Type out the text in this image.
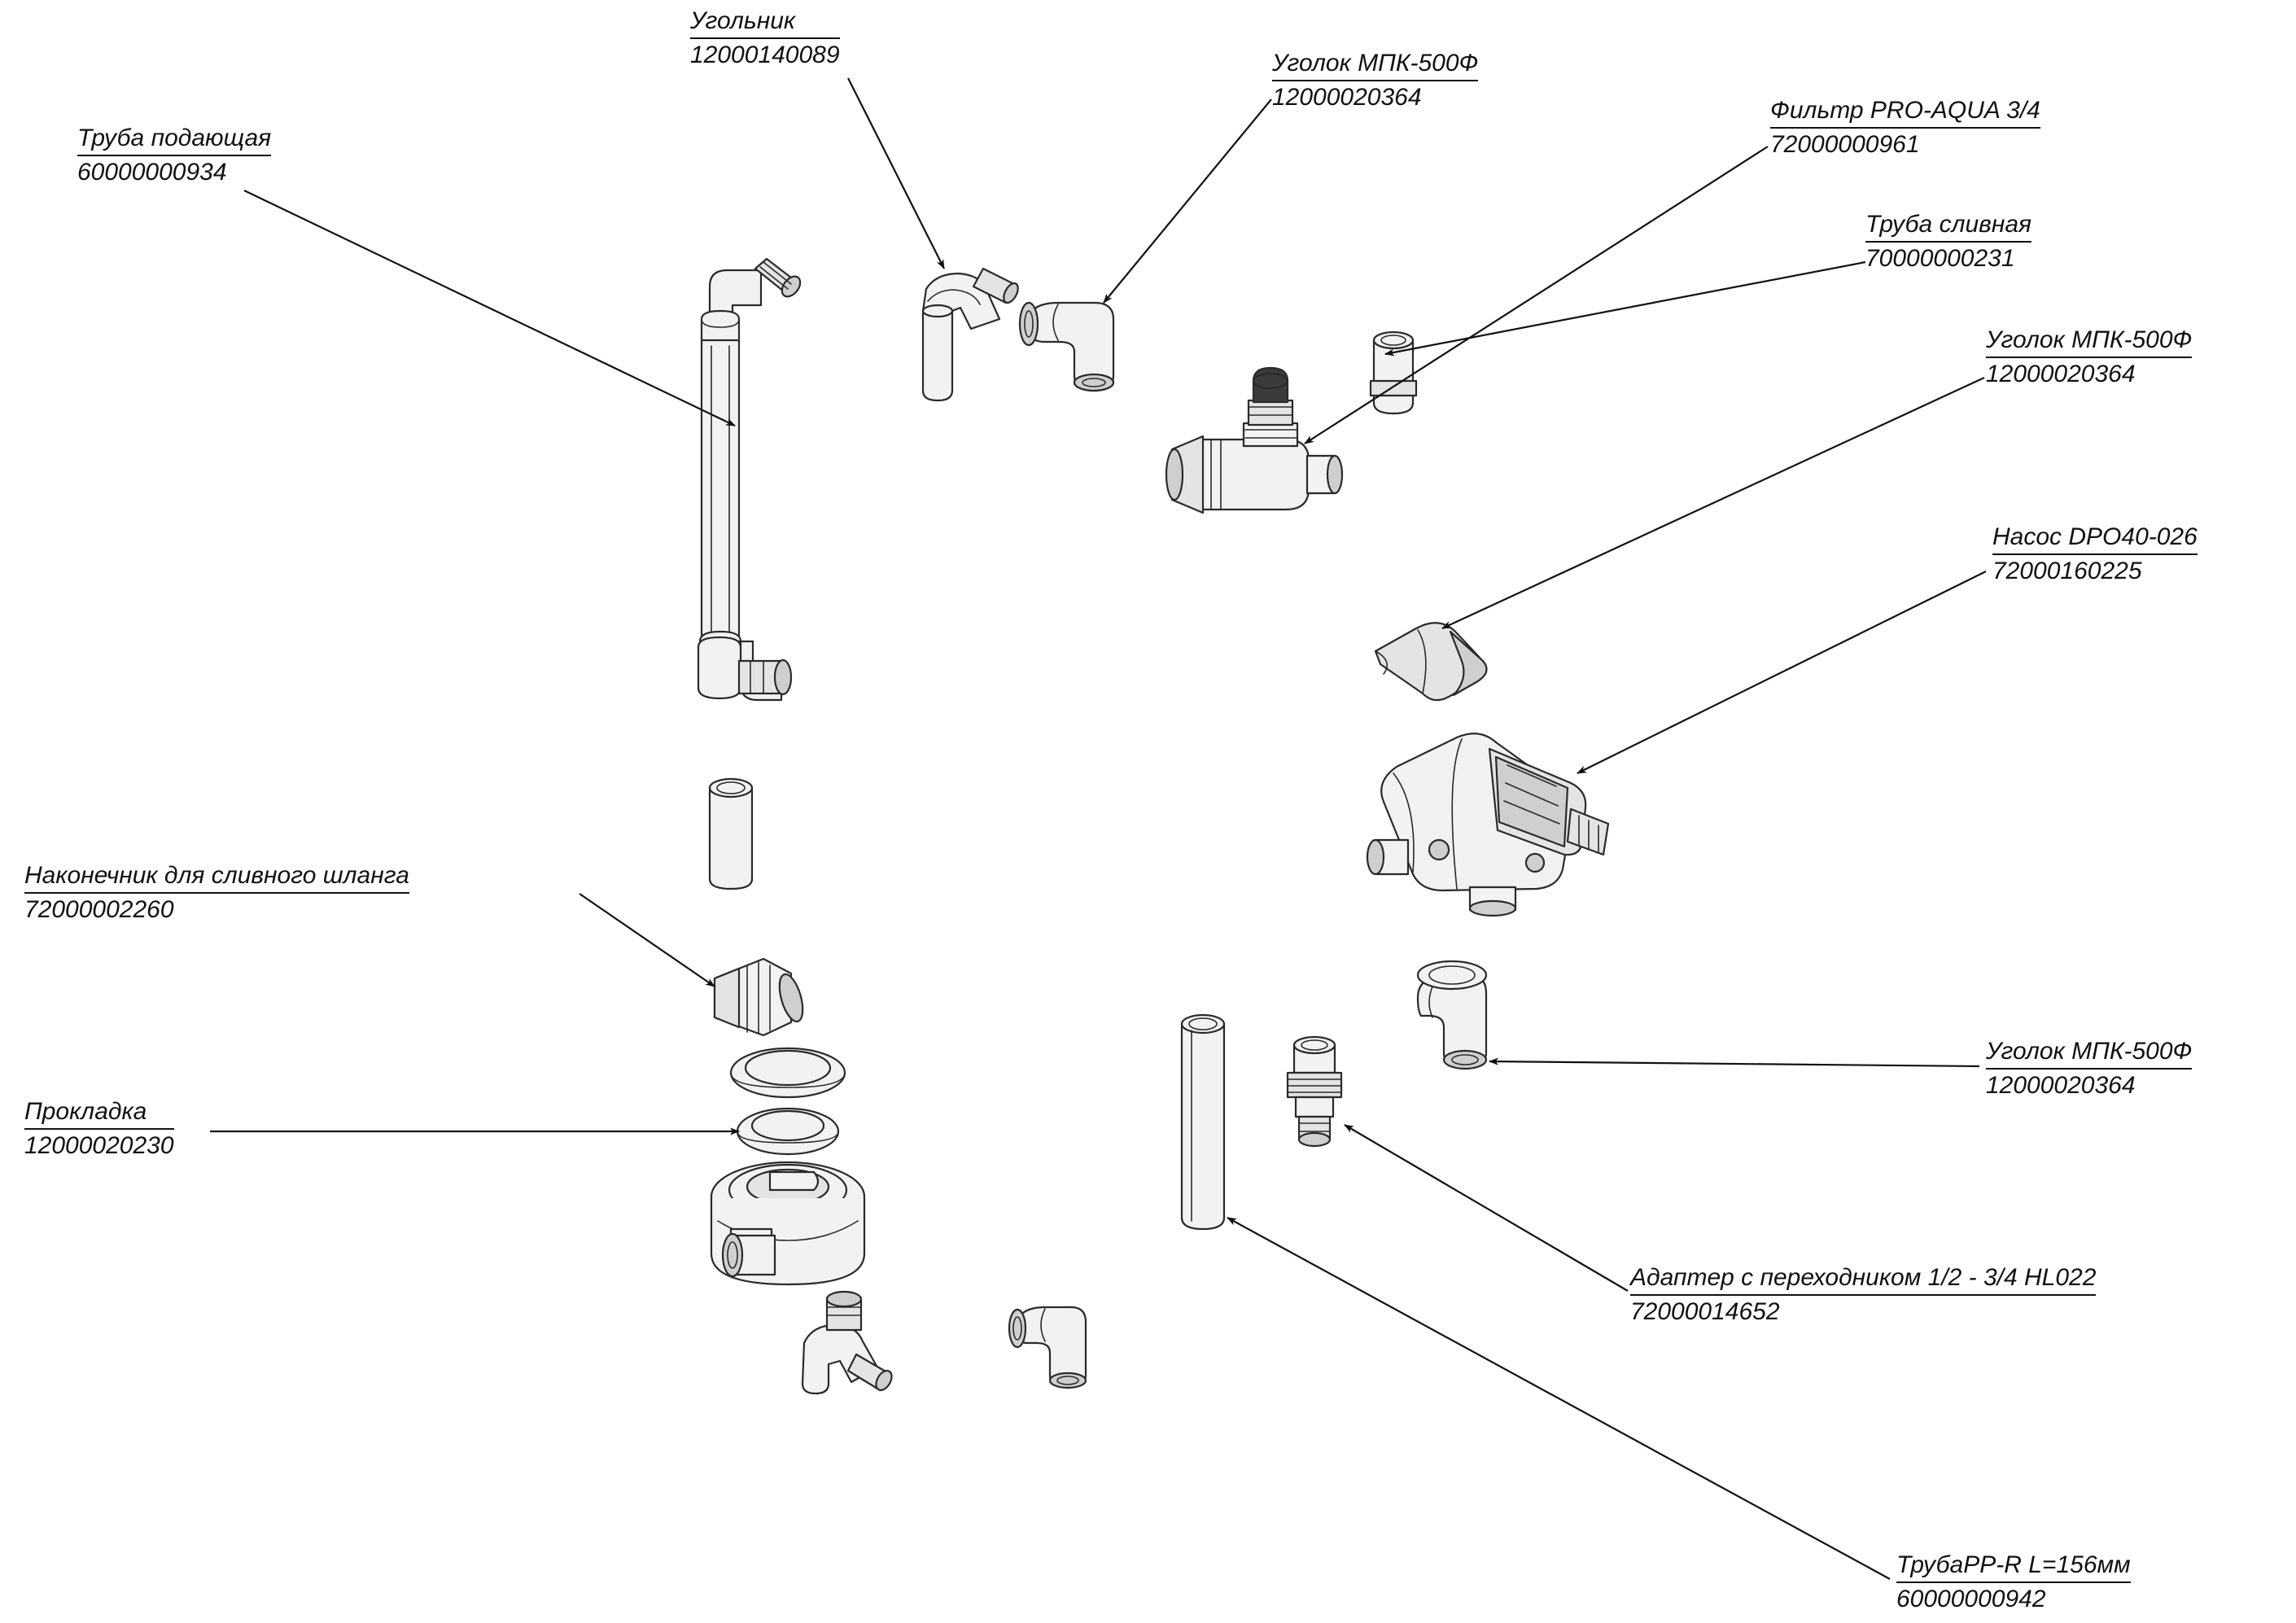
Труба подающая
60000000934
Угольник
12000140089	Уголок МПК-500Ф
12000020364	Фильтр PRO-AQUA 3/4
72000000961
Труба сливная
70000000231
Уголок МПК-500Ф
12000020364
Насос DPO40-026
72000160225
Наконечник для сливного шланга
72000002260
Прокладка
12000020230
Уголок МПК-500Ф
12000020364
Адаптер с переходником 1/2 - 3/4 HL022
72000014652
ТрубаPP-R L=156мм
60000000942
